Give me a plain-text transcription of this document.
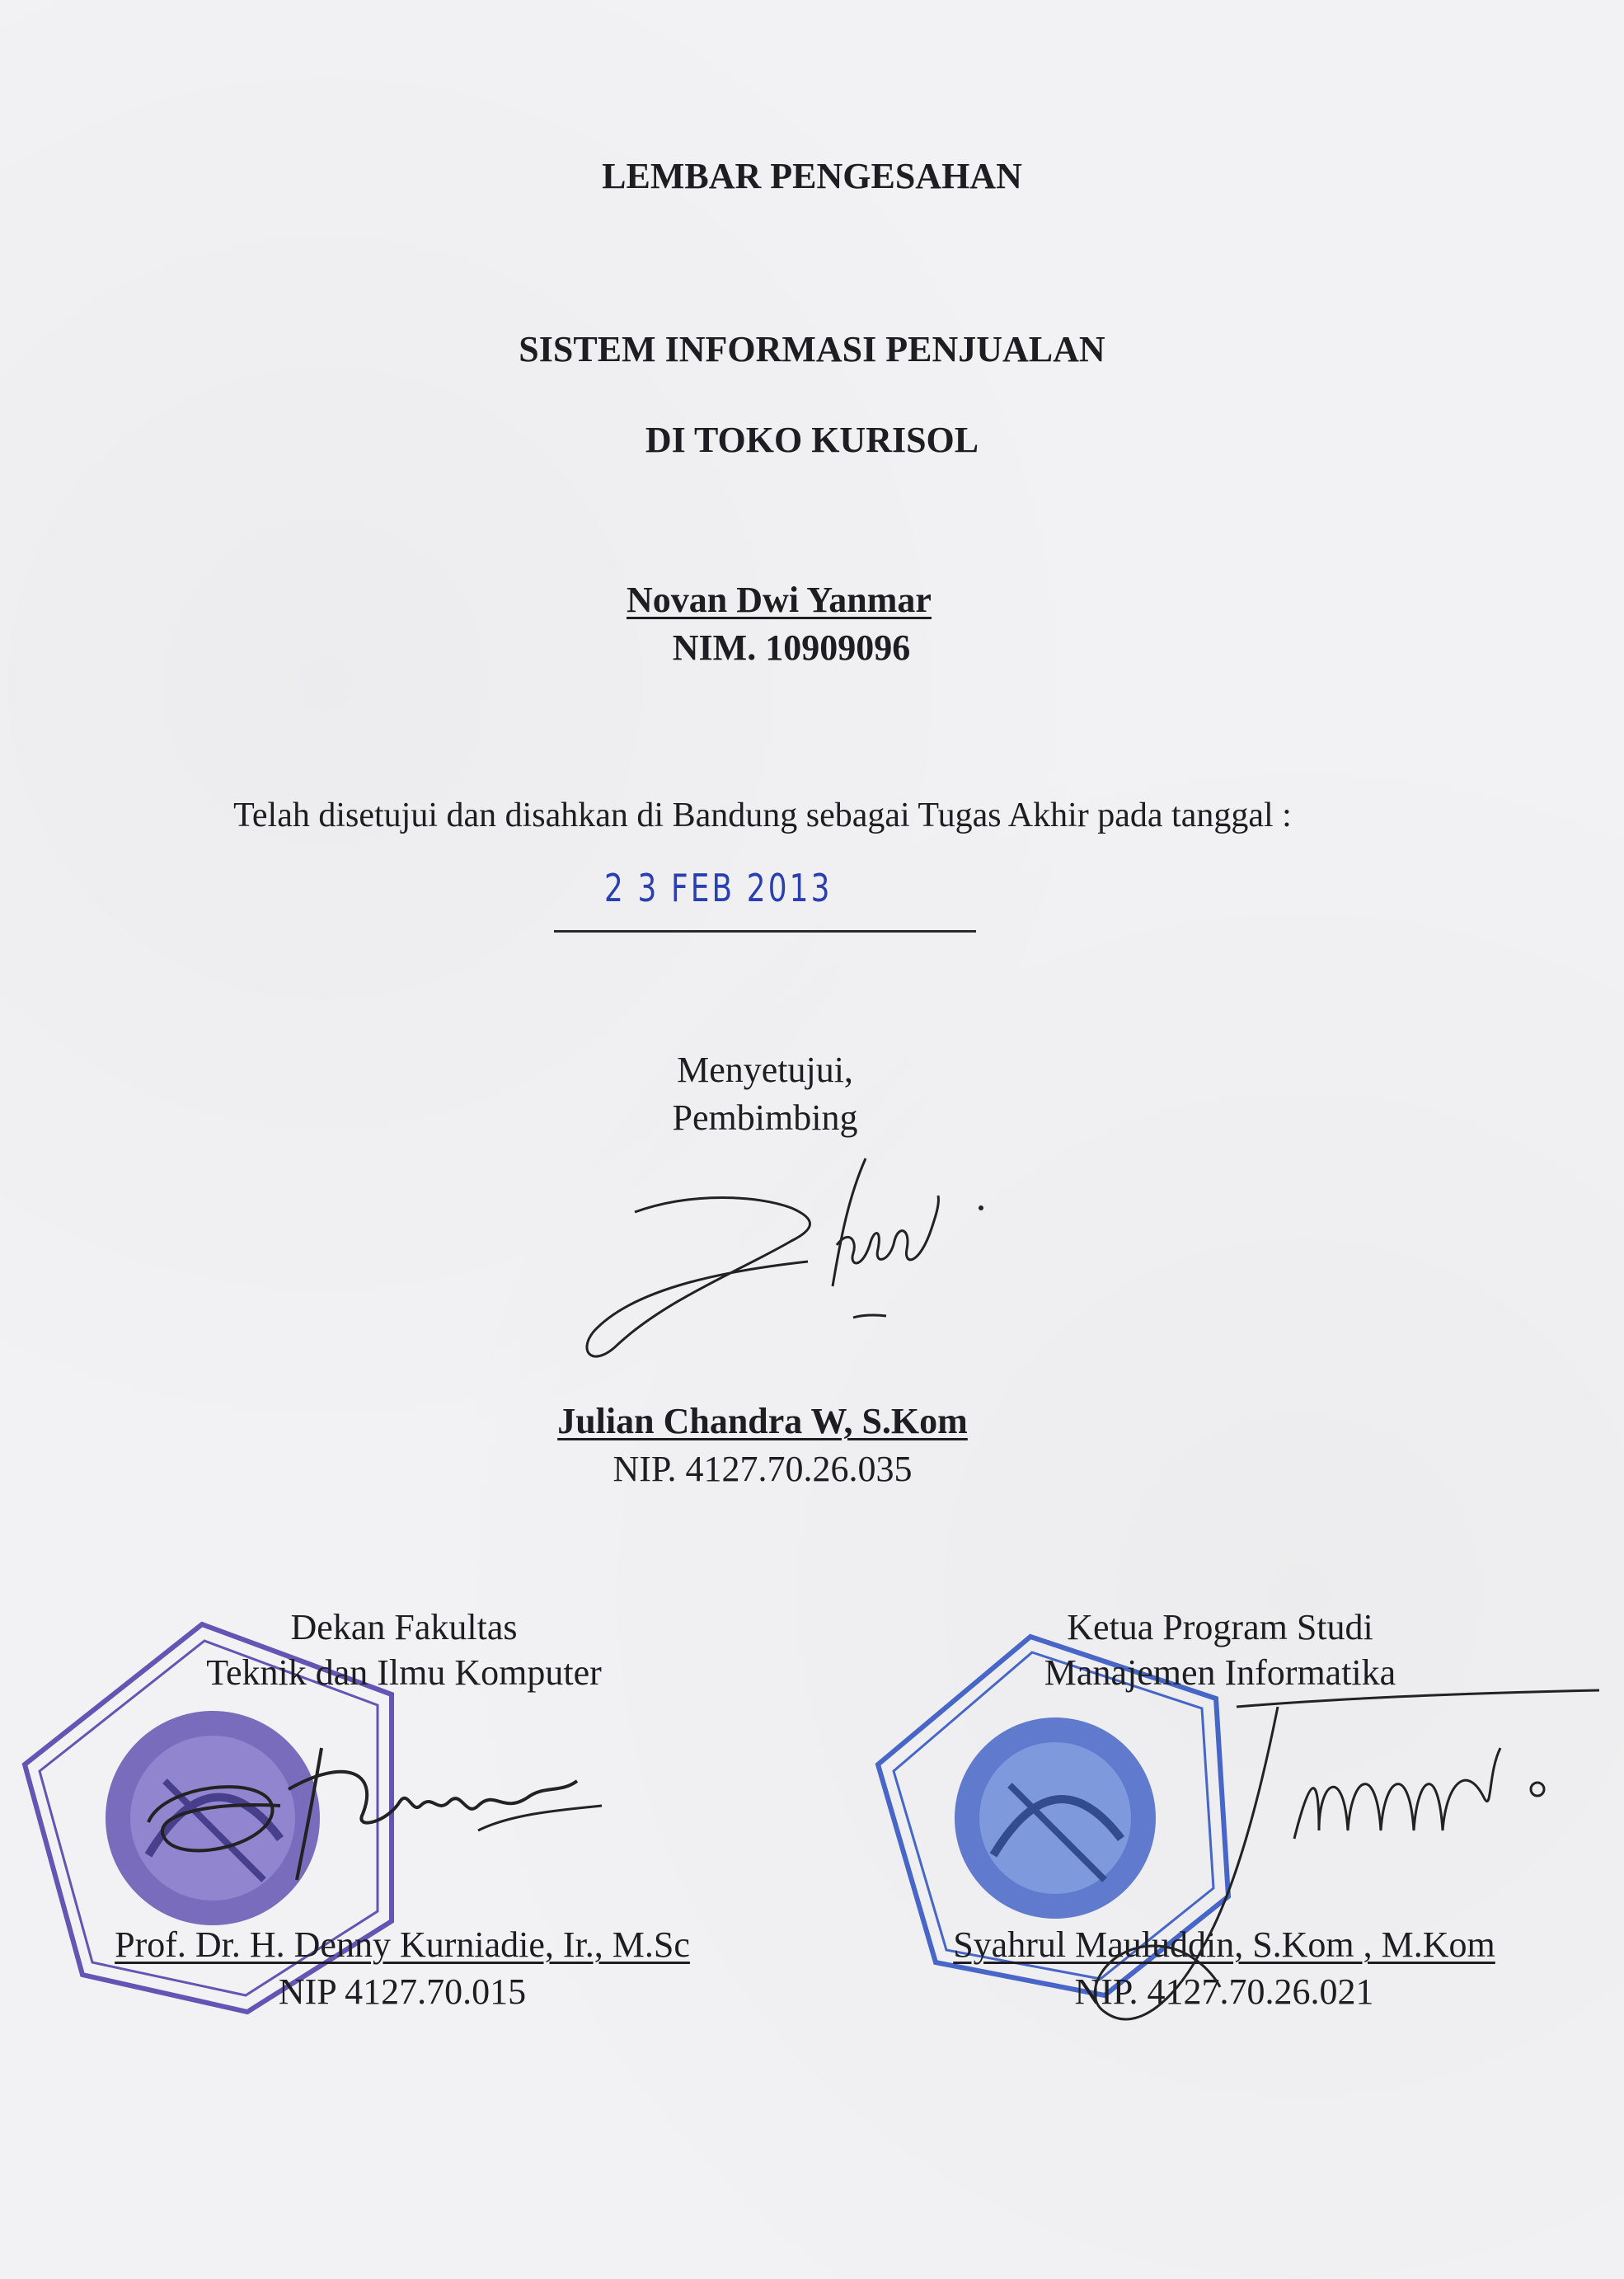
LEMBAR PENGESAHAN
SISTEM INFORMASI PENJUALAN
DI TOKO KURISOL
Novan Dwi Yanmar
NIM. 10909096
Telah disetujui dan disahkan di Bandung sebagai Tugas Akhir pada tanggal :
2 3 FEB 2013
Menyetujui,
Pembimbing
Julian Chandra W, S.Kom
NIP. 4127.70.26.035
Dekan Fakultas
Teknik dan Ilmu Komputer
Prof. Dr. H. Denny Kurniadie, Ir., M.Sc
NIP 4127.70.015
Ketua Program Studi
Manajemen Informatika
Syahrul Mauluddin, S.Kom , M.Kom
NIP. 4127.70.26.021
